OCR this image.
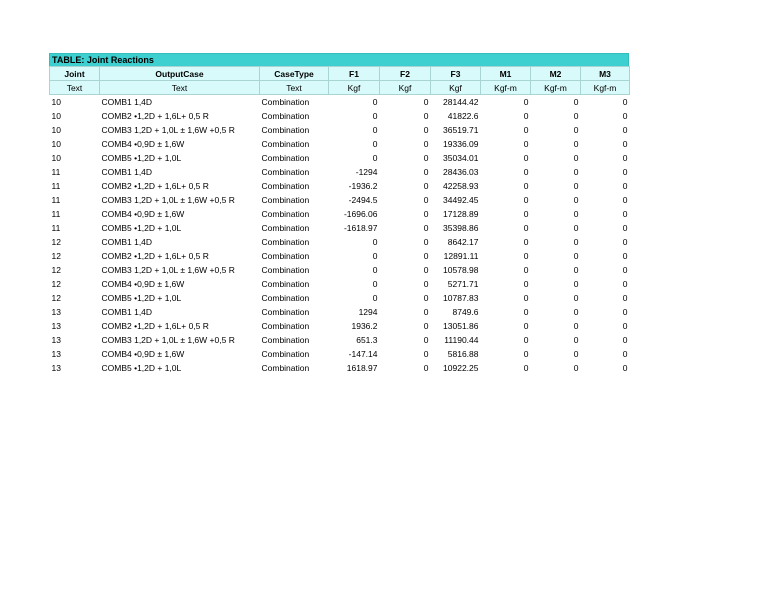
TABLE: Joint Reactions
Joint	OutputCase	CaseType	F1	F2	F3	M1	M2	M3
Text	Text	Text	Kgf	Kgf	Kgf	Kgf-m	Kgf-m	Kgf-m
10	COMB1 1,4D	Combination	0	0	28144.42	0	0	0
10	COMB2 •1,2D + 1,6L+ 0,5 R	Combination	0	0	41822.6	0	0	0
10	COMB3 1,2D + 1,0L ± 1,6W +0,5 R	Combination	0	0	36519.71	0	0	0
10	COMB4 •0,9D ± 1,6W	Combination	0	0	19336.09	0	0	0
10	COMB5 •1,2D + 1,0L	Combination	0	0	35034.01	0	0	0
11	COMB1 1,4D	Combination	-1294	0	28436.03	0	0	0
11	COMB2 •1,2D + 1,6L+ 0,5 R	Combination	-1936.2	0	42258.93	0	0	0
11	COMB3 1,2D + 1,0L ± 1,6W +0,5 R	Combination	-2494.5	0	34492.45	0	0	0
11	COMB4 •0,9D ± 1,6W	Combination	-1696.06	0	17128.89	0	0	0
11	COMB5 •1,2D + 1,0L	Combination	-1618.97	0	35398.86	0	0	0
12	COMB1 1,4D	Combination	0	0	8642.17	0	0	0
12	COMB2 •1,2D + 1,6L+ 0,5 R	Combination	0	0	12891.11	0	0	0
12	COMB3 1,2D + 1,0L ± 1,6W +0,5 R	Combination	0	0	10578.98	0	0	0
12	COMB4 •0,9D ± 1,6W	Combination	0	0	5271.71	0	0	0
12	COMB5 •1,2D + 1,0L	Combination	0	0	10787.83	0	0	0
13	COMB1 1,4D	Combination	1294	0	8749.6	0	0	0
13	COMB2 •1,2D + 1,6L+ 0,5 R	Combination	1936.2	0	13051.86	0	0	0
13	COMB3 1,2D + 1,0L ± 1,6W +0,5 R	Combination	651.3	0	11190.44	0	0	0
13	COMB4 •0,9D ± 1,6W	Combination	-147.14	0	5816.88	0	0	0
13	COMB5 •1,2D + 1,0L	Combination	1618.97	0	10922.25	0	0	0
